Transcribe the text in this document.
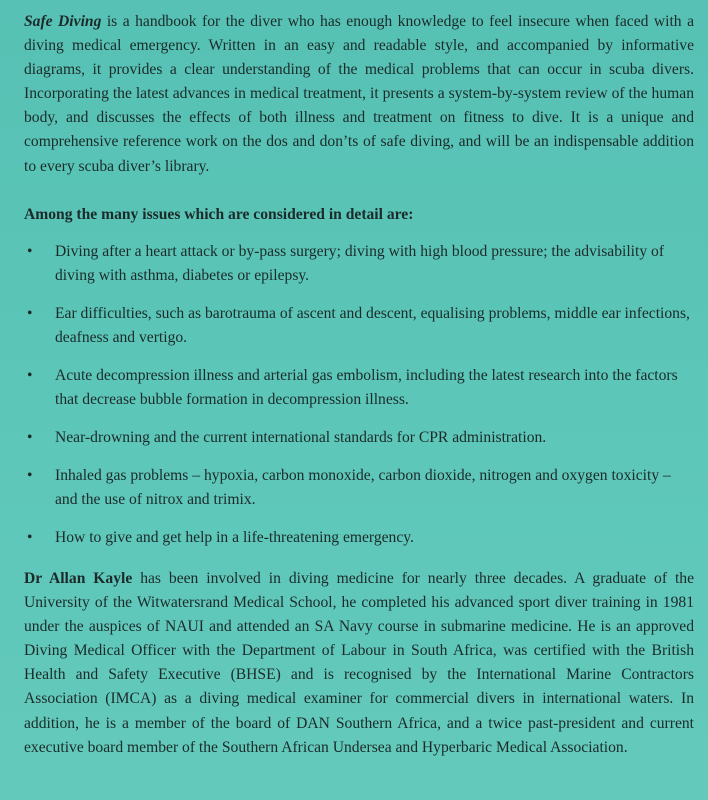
Safe Diving is a handbook for the diver who has enough knowledge to feel insecure when faced with a diving medical emergency. Written in an easy and readable style, and accompanied by informative diagrams, it provides a clear understanding of the medical problems that can occur in scuba divers. Incorporating the latest advances in medical treatment, it presents a system-by-system review of the human body, and discusses the effects of both illness and treatment on fitness to dive. It is a unique and comprehensive reference work on the dos and don’ts of safe diving, and will be an indispensable addition to every scuba diver’s library.

Among the many issues which are considered in detail are:
• Diving after a heart attack or by-pass surgery; diving with high blood pressure; the advisability of diving with asthma, diabetes or epilepsy.
• Ear difficulties, such as barotrauma of ascent and descent, equalising problems, middle ear infections, deafness and vertigo.
• Acute decompression illness and arterial gas embolism, including the latest research into the factors that decrease bubble formation in decompression illness.
• Near-drowning and the current international standards for CPR administration.
• Inhaled gas problems – hypoxia, carbon monoxide, carbon dioxide, nitrogen and oxygen toxicity – and the use of nitrox and trimix.
• How to give and get help in a life-threatening emergency.

Dr Allan Kayle has been involved in diving medicine for nearly three decades. A graduate of the University of the Witwatersrand Medical School, he completed his advanced sport diver training in 1981 under the auspices of NAUI and attended an SA Navy course in submarine medicine. He is an approved Diving Medical Officer with the Department of Labour in South Africa, was certified with the British Health and Safety Executive (BHSE) and is recognised by the International Marine Contractors Association (IMCA) as a diving medical examiner for commercial divers in international waters. In addition, he is a member of the board of DAN Southern Africa, and a twice past-president and current executive board member of the Southern African Undersea and Hyperbaric Medical Association.
